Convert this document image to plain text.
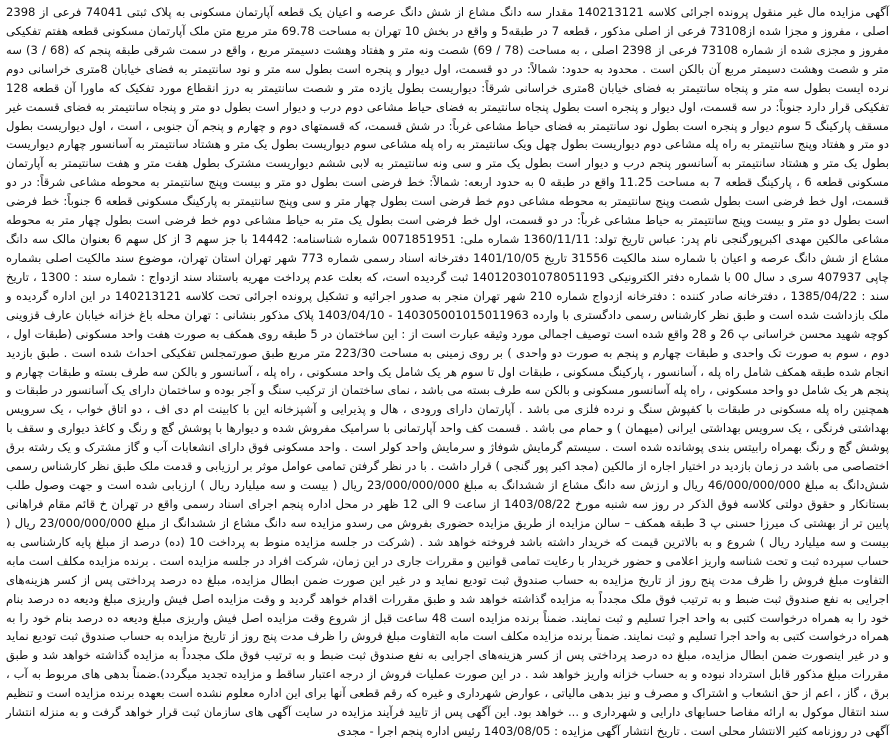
آگهی مزایده مال غیر منقول پرونده اجرائی کلاسه 140213121 مقدار سه دانگ مشاع از شش دانگ عرصه و اعیان یک قطعه آپارتمان مسکونی به پلاک ثبتی 74041 فرعی از 2398 اصلی ، مفروز و مجزا شده از73108 فرعی از اصلی مذکور ، قطعه 7 در طبقه5 و واقع در بخش 10 تهران به مساحت 69.78 متر مربع متن ملک آپارتمان مسکونی قطعه هفتم تفکیکی مفروز و مجزی شده از شماره 73108 فرعی از 2398 اصلی ، به مساحت (78 / 69) شصت ونه متر و هفتاد وهشت دسیمتر مربع ، واقع در سمت شرقی طبقه پنجم که (68 / 3) سه متر و شصت وهشت دسیمتر مربع آن بالکن است . محدود به حدود: شمالاً: در دو قسمت، اول دیوار و پنجره است بطول سه متر و نود سانتیمتر به فضای خیابان 8متری خراسانی دوم نرده ایست بطول سه متر و پنجاه سانتیمتر به فضای خیابان 8متری خراسانی شرقاً: دیواریست بطول یازده متر و شصت سانتیمتر به درز انقطاع مورد تفکیک که ماورا آن قطعه 128 تفکیکی قرار دارد جنوباً: در سه قسمت، اول دیوار و پنجره است بطول پنجاه سانتیمتر به فضای حیاط مشاعی دوم درب و دیوار است بطول دو متر و پنجاه سانتیمتر به فضای قسمت غیر مسقف پارکینگ 5 سوم دیوار و پنجره است بطول نود سانتیمتر به فضای حیاط مشاعی غرباً: در شش قسمت، که قسمتهای دوم و چهارم و پنجم آن جنوبی ، است ، اول دیواریست بطول دو متر و هفتاد وپنج سانتیمتر به راه پله مشاعی دوم دیواریست بطول چهل ویک سانتیمتر به راه پله مشاعی سوم دیواریست بطول یک متر و هشتاد سانتیمتر به آسانسور چهارم دیواریست بطول یک متر و هشتاد سانتیمتر به آسانسور پنجم درب و دیوار است بطول یک متر و سی ونه سانتیمتر به لابی ششم دیواریست مشترک بطول هفت متر و هفت سانتیمتر به آپارتمان مسکونی قطعه 6 ، پارکینگ قطعه 7 به مساحت 11.25 واقع در طبقه 0 به حدود اربعه: شمالاً: خط فرضی است بطول دو متر و بیست وپنج سانتیمتر به محوطه مشاعی شرقاً: در دو قسمت، اول خط فرضی است بطول شصت وپنج سانتیمتر به محوطه مشاعی دوم خط فرضی است بطول چهار متر و سی وپنج سانتیمتر به پارکینگ مسکونی قطعه 6 جنوباً: خط فرضی است بطول دو متر و بیست وپنج سانتیمتر به حیاط مشاعی غرباً: در دو قسمت، اول خط فرضی است بطول یک متر به حیاط مشاعی دوم خط فرضی است بطول چهار متر به محوطه مشاعی مالکین مهدی اکبرپورگنجی نام پدر: عباس تاریخ تولد: 1360/11/11 شماره ملی: 0071851951 شماره شناسنامه: 14442 با جز سهم 3 از کل سهم 6 بعنوان مالک سه دانگ مشاع از شش دانگ عرصه و اعیان با شماره سند مالکیت 31556 تاریخ 1401/10/05 دفترخانه اسناد رسمی شماره 773 شهر تهران استان تهران، موضوع سند مالکیت اصلی بشماره چاپی 407937 سری د سال 00 با شماره دفتر الکترونیکی 140120301078051193 ثبت گردیده است، که بعلت عدم پرداخت مهریه باستناد سند ازدواج : شماره سند : 1300 ، تاریخ سند : 1385/04/22 ، دفترخانه صادر کننده : دفترخانه ازدواج شماره 210 شهر تهران منجر به صدور اجرائیه و تشکیل پرونده اجرائی تحت کلاسه 140213121 در این اداره گردیده و ملک بازداشت شده است و طبق نظر کارشناس رسمی دادگستری با وارده 140305001015011963 - 1403/04/10 پلاک مذکور بنشانی : تهران محله باغ خزانه خیابان عارف قزوینی کوچه شهید محسن خراسانی پ 26 و 28 واقع شده است توصیف اجمالی مورد وثیقه عبارت است از : این ساختمان در 5 طبقه روی همکف به صورت هفت واحد مسکونی (طبقات اول ، دوم ، سوم به صورت تک واحدی و طبقات چهارم و پنجم به صورت دو واحدی ) بر روی زمینی به مساحت 223/30 متر مربع طبق صورتمجلس تفکیکی احداث شده است . طبق بازدید انجام شده طبقه همکف شامل راه پله ، آسانسور ، پارکینگ مسکونی ، طبقات اول تا سوم هر یک شامل یک واحد مسکونی ، راه پله ، آسانسور و بالکن سه طرف بسته و طبقات چهارم و پنجم هر یک شامل دو واحد مسکونی ، راه پله آسانسور مسکونی و بالکن سه طرف بسته می باشد ، نمای ساختمان از ترکیب سنگ و آجر بوده و ساختمان دارای یک آسانسور در طبقات و همچنین راه پله مسکونی در طبقات با کفپوش سنگ و نرده فلزی می باشد . آپارتمان دارای ورودی ، هال و پذیرایی و آشپزخانه این با کابینت ام دی اف ، دو اتاق خواب ، یک سرویس بهداشتی فرنگی ، یک سرویس بهداشتی ایرانی (میهمان ) و حمام می باشد . قسمت کف واحد آپارتمانی با سرامیک مفروش شده و دیوارها با پوشش گچ و رنگ و کاغذ دیواری و سقف با پوشش گچ و رنگ بهمراه رابیتس بندی پوشانده شده است . سیستم گرمایش شوفاژ و سرمایش واحد کولر است . واحد مسکونی فوق دارای انشعابات آب و گاز مشترک و یک رشته برق اختصاصی می باشد در زمان بازدید در اختیار اجاره از مالکین (مجد اکبر پور گنجی ) قرار داشت . با در نظر گرفتن تمامی عوامل موثر بر ارزیابی و قدمت ملک طبق نظر کارشناس رسمی شش‌دانگ به مبلغ 46/000/000/000 ریال و ارزش سه دانگ مشاع از ششدانگ به مبلغ 23/000/000/000 ریال ( بیست و سه میلیارد ریال ) ارزیابی شده است و جهت وصول طلب بستانکار و حقوق دولتی کلاسه فوق الذکر در روز سه شنبه مورخ 1403/08/22 از ساعت 9 الی 12 ظهر در محل اداره پنجم اجرای اسناد رسمی واقع در تهران خ قائم مقام فراهانی پایین تر از بهشتی ک میرزا حسنی پ 3 طبقه همکف – سالن مزایده از طریق مزایده حضوری بفروش می رسدو مزایده سه دانگ مشاع از ششدانگ از مبلغ 23/000/000/000 ریال ( بیست و سه میلیارد ریال ) شروع و به بالاترین قیمت که خریدار داشته باشد فروخته خواهد شد . (شرکت در جلسه مزایده منوط به پرداخت 10 (ده) درصد از مبلغ پایه کارشناسی به حساب سپرده ثبت و تحت شناسه واریز اعلامی و حضور خریدار با رعایت تمامی قوانین و مقررات جاری در این زمان، شرکت افراد در جلسه مزایده است . برنده مزایده مکلف است مابه التفاوت مبلغ فروش را ظرف مدت پنج روز از تاریخ مزایده به حساب صندوق ثبت تودیع نماید و در غیر این صورت ضمن ابطال مزایده، مبلغ ده درصد پرداختی پس از کسر هزینه‌های اجرایی به نفع صندوق ثبت ضبط و به ترتیب فوق ملک مجدداً به مزایده گذاشته خواهد شد و طبق مقررات اقدام خواهد گردید و وقت مزایده اصل فیش واریزی مبلغ ودیعه ده درصد بنام خود را به همراه درخواست کتبی به واحد اجرا تسلیم و ثبت نمایند. ضمناً برنده مزایده است 48 ساعت قبل از شروع وقت مزایده اصل فیش واریزی مبلغ ودیعه ده درصد بنام خود را به همراه درخواست کتبی به واحد اجرا تسلیم و ثبت نمایند. ضمناً برنده مزایده مکلف است مابه التفاوت مبلغ فروش را ظرف مدت پنج روز از تاریخ مزایده به حساب صندوق ثبت تودیع نماید و در غیر اینصورت ضمن ابطال مزایده، مبلغ ده درصد پرداختی پس از کسر هزینه‌های اجرایی به نفع صندوق ثبت ضبط و به ترتیب فوق ملک مجدداً به مزایده گذاشته خواهد شد و طبق مقررات مبلغ مذکور قابل استرداد نبوده و به حساب خزانه واریز خواهد شد . در این صورت عملیات فروش از درجه اعتبار ساقط و مزایده تجدید میگردد).ضمناً بدهی های مربوط به آب ، برق ، گاز ، اعم از حق انشعاب و اشتراک و مصرف و نیز بدهی مالیاتی ، عوارض شهرداری و غیره که رقم قطعی آنها برای این اداره معلوم نشده است بعهده برنده مزایده است و تنظیم سند انتقال موکول به ارائه مفاصا حسابهای دارایی و شهرداری و ... خواهد بود. این آگهی پس از تایید فرآیند مزایده در سایت آگهی های سازمان ثبت قرار خواهد گرفت و به منزله انتشار آگهی در روزنامه کثیر الانتشار محلی است . تاریخ انتشار آگهی مزایده : 1403/08/05 رئیس اداره پنجم اجرا - مجدی
